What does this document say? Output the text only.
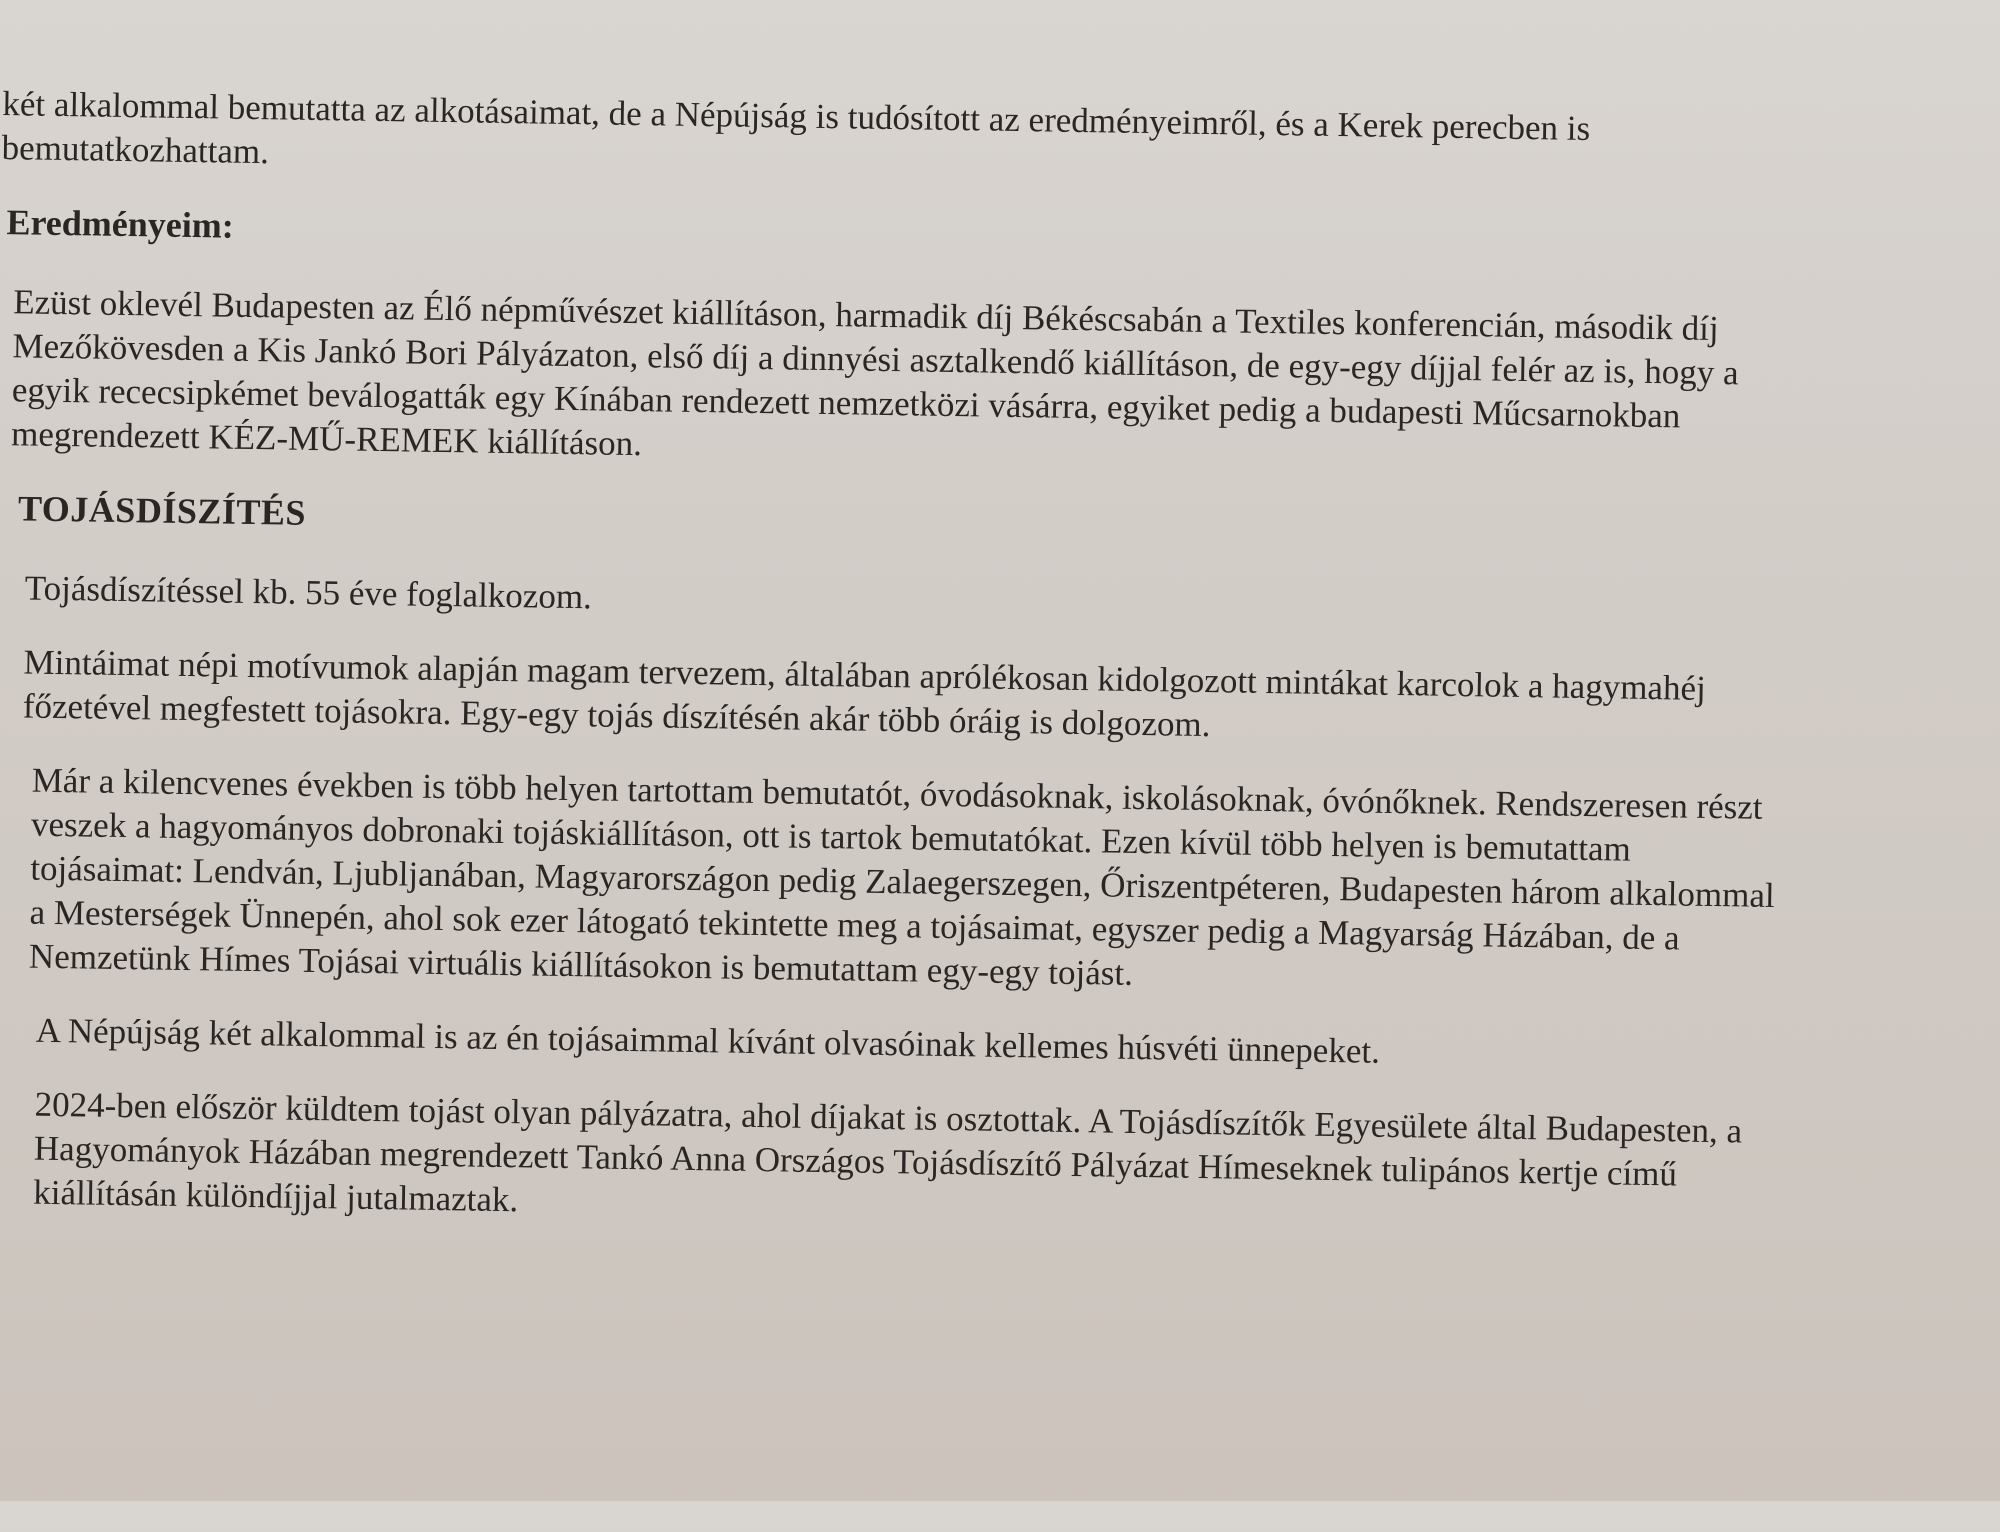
két alkalommal bemutatta az alkotásaimat, de a Népújság is tudósított az eredményeimről, és a Kerek perecben is
bemutatkozhattam.

Eredményeim:

Ezüst oklevél Budapesten az Élő népművészet kiállításon, harmadik díj Békéscsabán a Textiles konferencián, második díj
Mezőkövesden a Kis Jankó Bori Pályázaton, első díj a dinnyési asztalkendő kiállításon, de egy-egy díjjal felér az is, hogy a
egyik rececsipkémet beválogatták egy Kínában rendezett nemzetközi vásárra, egyiket pedig a budapesti Műcsarnokban
megrendezett KÉZ-MŰ-REMEK kiállításon.

TOJÁSDÍSZÍTÉS

Tojásdíszítéssel kb. 55 éve foglalkozom.

Mintáimat népi motívumok alapján magam tervezem, általában aprólékosan kidolgozott mintákat karcolok a hagymahéj
főzetével megfestett tojásokra. Egy-egy tojás díszítésén akár több óráig is dolgozom.

Már a kilencvenes években is több helyen tartottam bemutatót, óvodásoknak, iskolásoknak, óvónőknek. Rendszeresen részt
veszek a hagyományos dobronaki tojáskiállításon, ott is tartok bemutatókat. Ezen kívül több helyen is bemutattam
tojásaimat: Lendván, Ljubljanában, Magyarországon pedig Zalaegerszegen, Őriszentpéteren, Budapesten három alkalommal
a Mesterségek Ünnepén, ahol sok ezer látogató tekintette meg a tojásaimat, egyszer pedig a Magyarság Házában, de a
Nemzetünk Hímes Tojásai virtuális kiállításokon is bemutattam egy-egy tojást.

A Népújság két alkalommal is az én tojásaimmal kívánt olvasóinak kellemes húsvéti ünnepeket.

2024-ben először küldtem tojást olyan pályázatra, ahol díjakat is osztottak. A Tojásdíszítők Egyesülete által Budapesten, a
Hagyományok Házában megrendezett Tankó Anna Országos Tojásdíszítő Pályázat Hímeseknek tulipános kertje című
kiállításán különdíjjal jutalmaztak.
